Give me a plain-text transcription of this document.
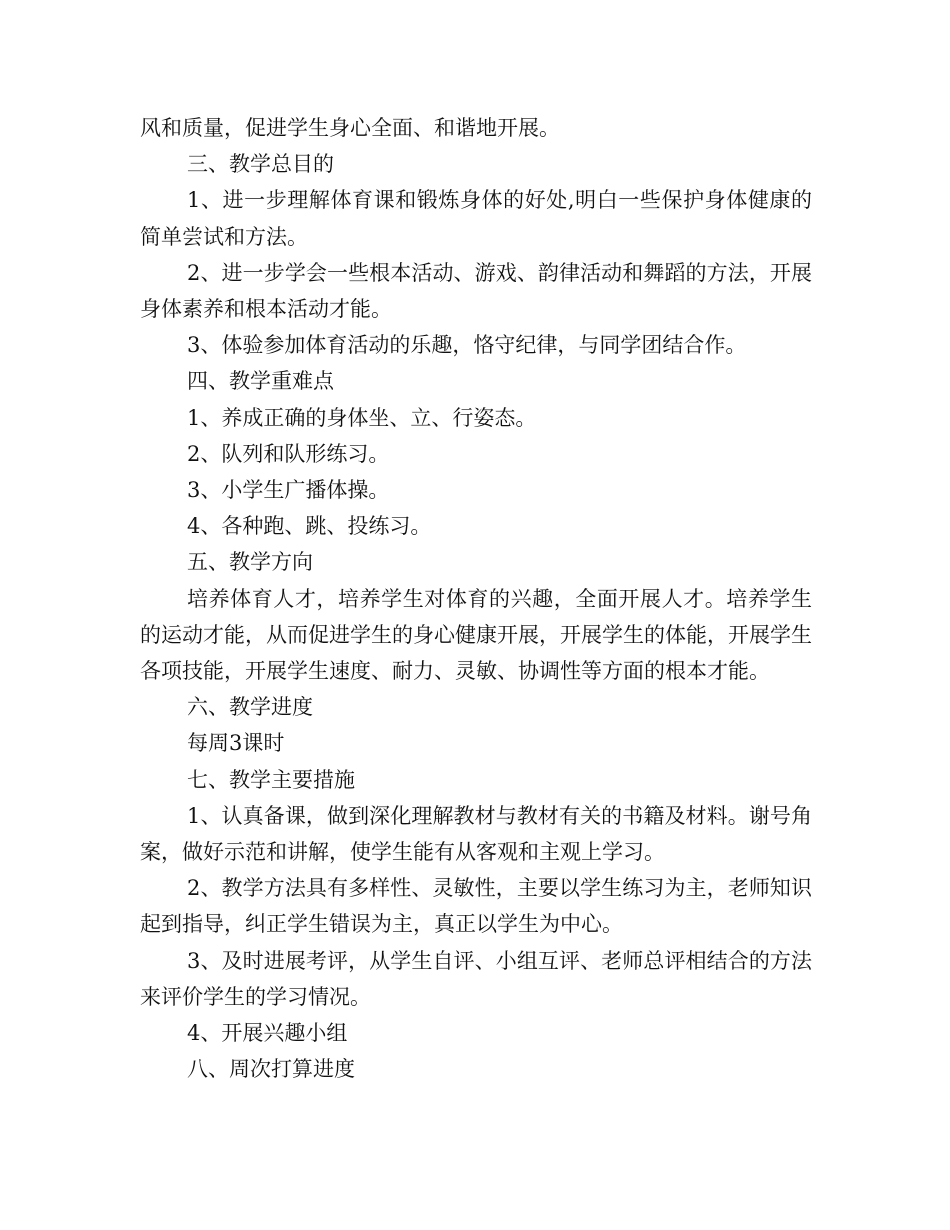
风和质量，促进学生身心全面、和谐地开展。

三、教学总目的

1、进一步理解体育课和锻炼身体的好处,明白一些保护身体健康的简单尝试和方法。

2、进一步学会一些根本活动、游戏、韵律活动和舞蹈的方法，开展身体素养和根本活动才能。

3、体验参加体育活动的乐趣，恪守纪律，与同学团结合作。

四、教学重难点

1、养成正确的身体坐、立、行姿态。

2、队列和队形练习。

3、小学生广播体操。

4、各种跑、跳、投练习。

五、教学方向

培养体育人才，培养学生对体育的兴趣，全面开展人才。培养学生的运动才能，从而促进学生的身心健康开展，开展学生的体能，开展学生各项技能，开展学生速度、耐力、灵敏、协调性等方面的根本才能。

六、教学进度

每周3课时

七、教学主要措施

1、认真备课，做到深化理解教材与教材有关的书籍及材料。谢号角案，做好示范和讲解，使学生能有从客观和主观上学习。

2、教学方法具有多样性、灵敏性，主要以学生练习为主，老师知识起到指导，纠正学生错误为主，真正以学生为中心。

3、及时进展考评，从学生自评、小组互评、老师总评相结合的方法来评价学生的学习情况。

4、开展兴趣小组

八、周次打算进度
